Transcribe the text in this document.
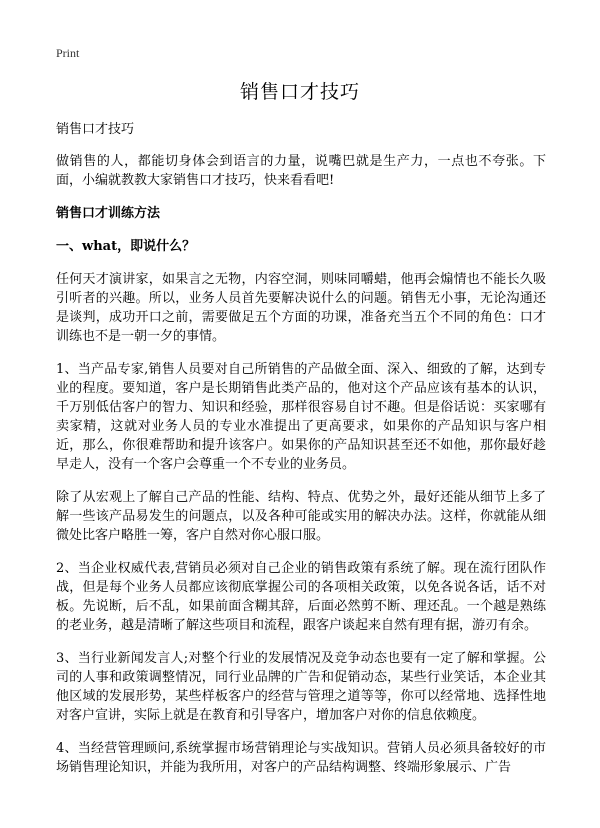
Print
销售口才技巧

销售口才技巧

做销售的人，都能切身体会到语言的力量，说嘴巴就是生产力，一点也不夸张。下面，小编就教教大家销售口才技巧，快来看看吧!

销售口才训练方法

一、what，即说什么？

任何天才演讲家，如果言之无物，内容空洞，则味同嚼蜡，他再会煽情也不能长久吸引听者的兴趣。所以，业务人员首先要解决说什么的问题。销售无小事，无论沟通还是谈判，成功开口之前，需要做足五个方面的功课，准备充当五个不同的角色：口才训练也不是一朝一夕的事情。

1、当产品专家,销售人员要对自己所销售的产品做全面、深入、细致的了解，达到专业的程度。要知道，客户是长期销售此类产品的，他对这个产品应该有基本的认识，千万别低估客户的智力、知识和经验，那样很容易自讨不趣。但是俗话说：买家哪有卖家精，这就对业务人员的专业水准提出了更高要求，如果你的产品知识与客户相近，那么，你很难帮助和提升该客户。如果你的产品知识甚至还不如他，那你最好趁早走人，没有一个客户会尊重一个不专业的业务员。

除了从宏观上了解自己产品的性能、结构、特点、优势之外，最好还能从细节上多了解一些该产品易发生的问题点，以及各种可能或实用的解决办法。这样，你就能从细微处比客户略胜一筹，客户自然对你心服口服。

2、当企业权威代表,营销员必须对自己企业的销售政策有系统了解。现在流行团队作战，但是每个业务人员都应该彻底掌握公司的各项相关政策，以免各说各话，话不对板。先说断，后不乱，如果前面含糊其辞，后面必然剪不断、理还乱。一个越是熟练的老业务，越是清晰了解这些项目和流程，跟客户谈起来自然有理有据，游刃有余。

3、当行业新闻发言人;对整个行业的发展情况及竞争动态也要有一定了解和掌握。公司的人事和政策调整情况，同行业品牌的广告和促销动态，某些行业笑话，本企业其他区域的发展形势，某些样板客户的经营与管理之道等等，你可以经常地、选择性地对客户宣讲，实际上就是在教育和引导客户，增加客户对你的信息依赖度。

4、当经营管理顾问,系统掌握市场营销理论与实战知识。营销人员必须具备较好的市场销售理论知识，并能为我所用，对客户的产品结构调整、终端形象展示、广告
